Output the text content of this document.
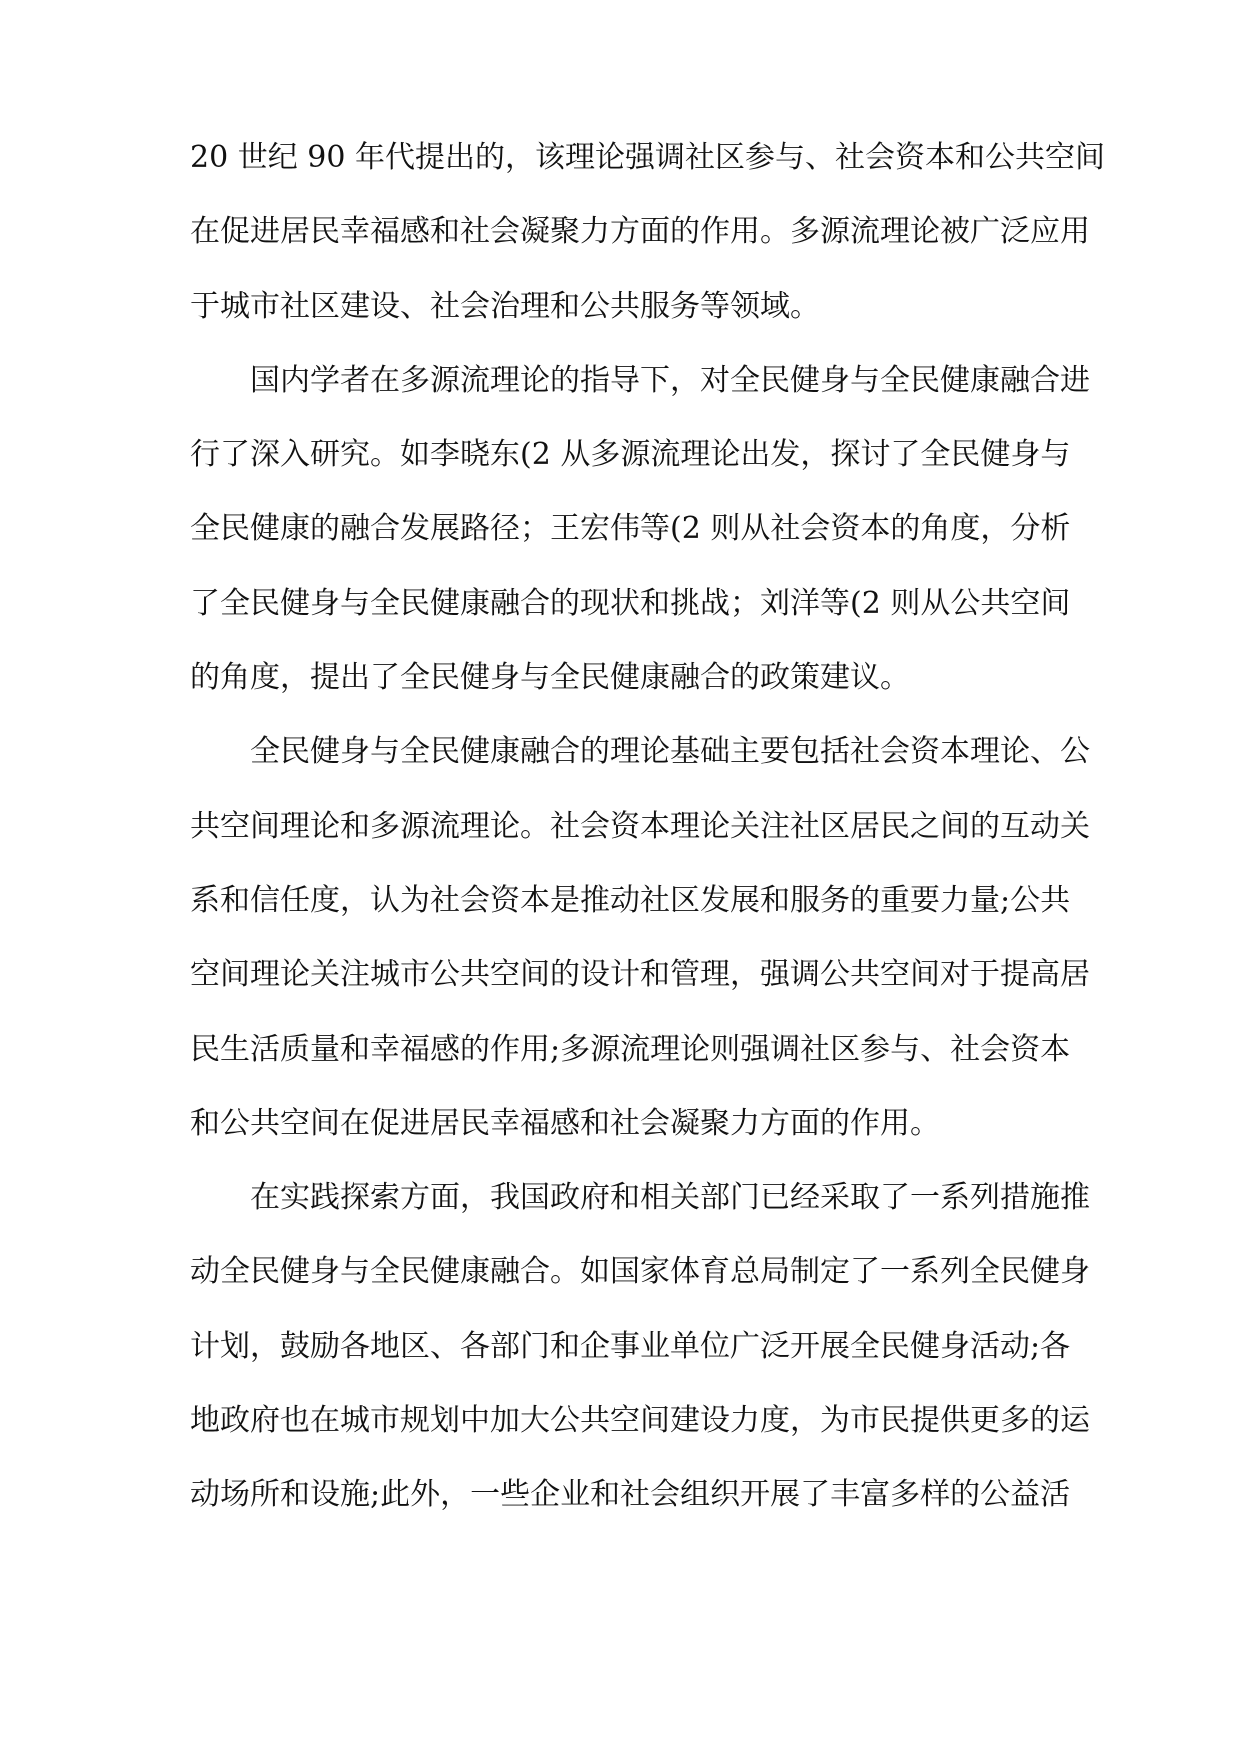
20 世纪 90 年代提出的，该理论强调社区参与、社会资本和公共空间
在促进居民幸福感和社会凝聚力方面的作用。多源流理论被广泛应用
于城市社区建设、社会治理和公共服务等领域。
　　国内学者在多源流理论的指导下，对全民健身与全民健康融合进
行了深入研究。如李晓东(2 从多源流理论出发，探讨了全民健身与
全民健康的融合发展路径；王宏伟等(2 则从社会资本的角度，分析
了全民健身与全民健康融合的现状和挑战；刘洋等(2 则从公共空间
的角度，提出了全民健身与全民健康融合的政策建议。
　　全民健身与全民健康融合的理论基础主要包括社会资本理论、公
共空间理论和多源流理论。社会资本理论关注社区居民之间的互动关
系和信任度，认为社会资本是推动社区发展和服务的重要力量;公共
空间理论关注城市公共空间的设计和管理，强调公共空间对于提高居
民生活质量和幸福感的作用;多源流理论则强调社区参与、社会资本
和公共空间在促进居民幸福感和社会凝聚力方面的作用。
　　在实践探索方面，我国政府和相关部门已经采取了一系列措施推
动全民健身与全民健康融合。如国家体育总局制定了一系列全民健身
计划，鼓励各地区、各部门和企事业单位广泛开展全民健身活动;各
地政府也在城市规划中加大公共空间建设力度，为市民提供更多的运
动场所和设施;此外，一些企业和社会组织开展了丰富多样的公益活
